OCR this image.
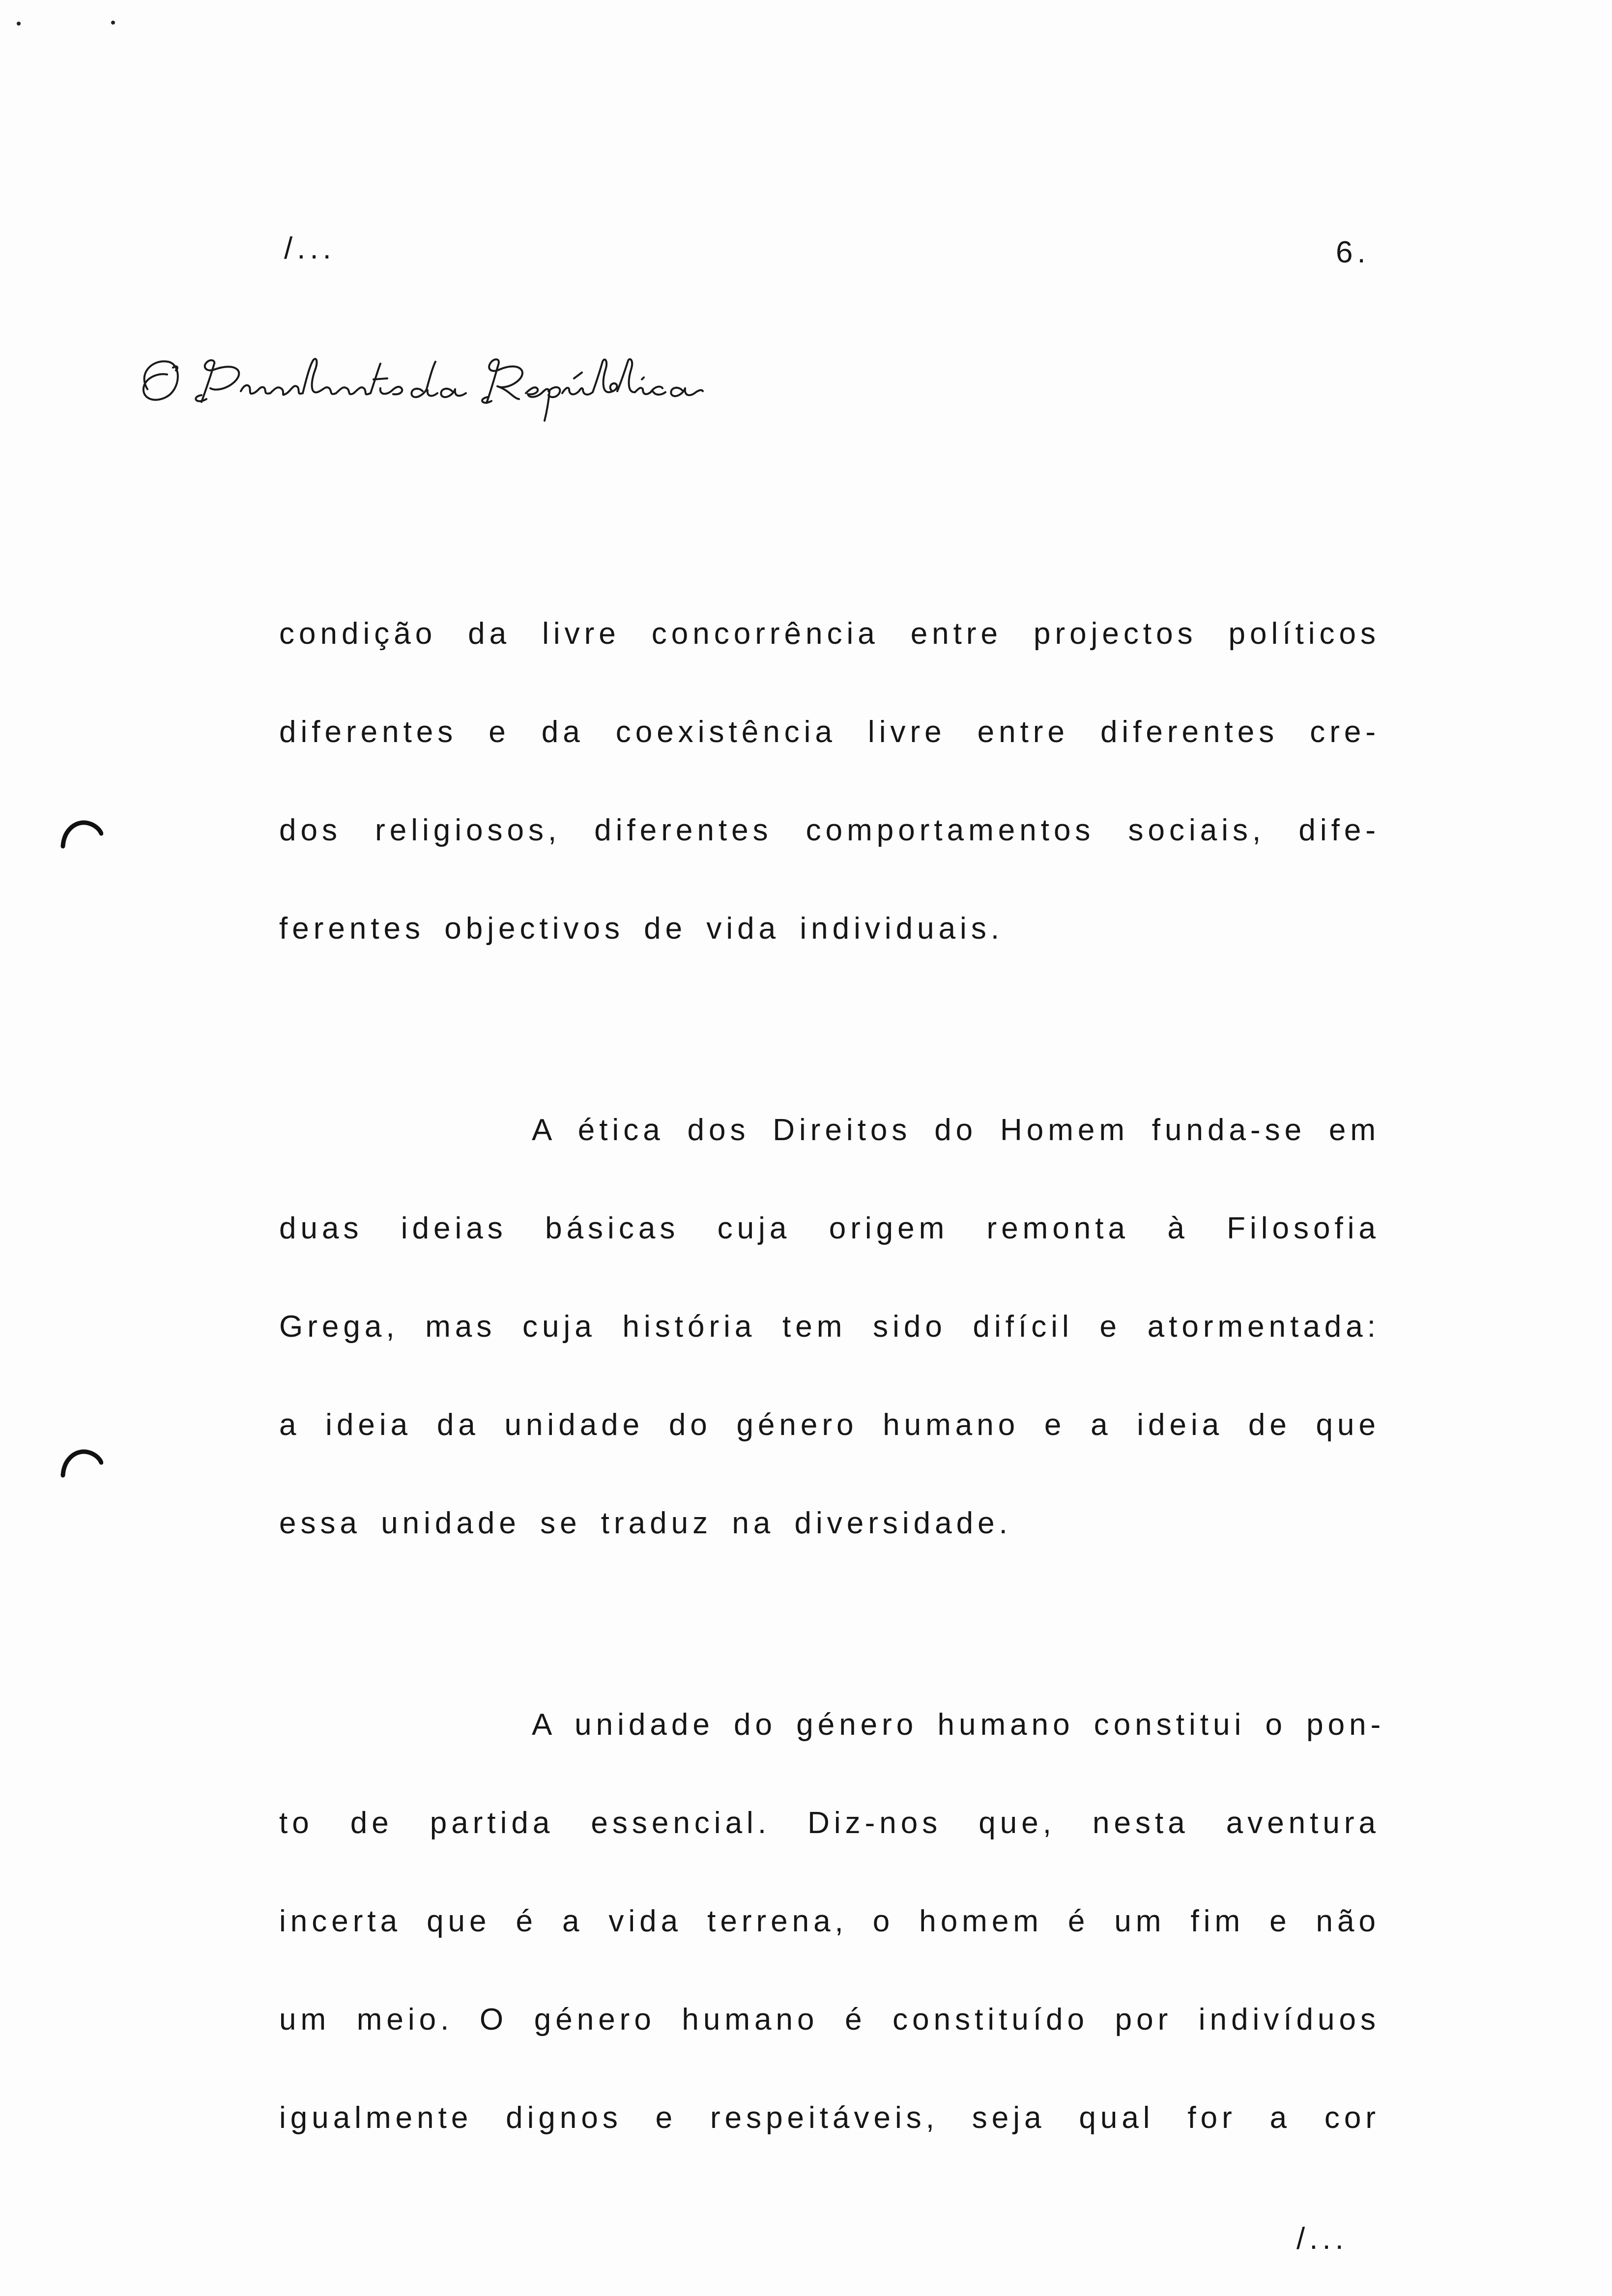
/...	6.
condição da livre concorrência entre projectos políticos
diferentes e da coexistência livre entre diferentes cre-
dos religiosos, diferentes comportamentos sociais, dife-
ferentes objectivos de vida individuais.
A ética dos Direitos do Homem funda-se em
duas ideias básicas cuja origem remonta à Filosofia
Grega, mas cuja história tem sido difícil e atormentada:
a ideia da unidade do género humano e a ideia de que
essa unidade se traduz na diversidade.
A unidade do género humano constitui o pon-
to de partida essencial. Diz-nos que, nesta aventura
incerta que é a vida terrena, o homem é um fim e não
um meio. O género humano é constituído por indivíduos
igualmente dignos e respeitáveis, seja qual for a cor
/...
